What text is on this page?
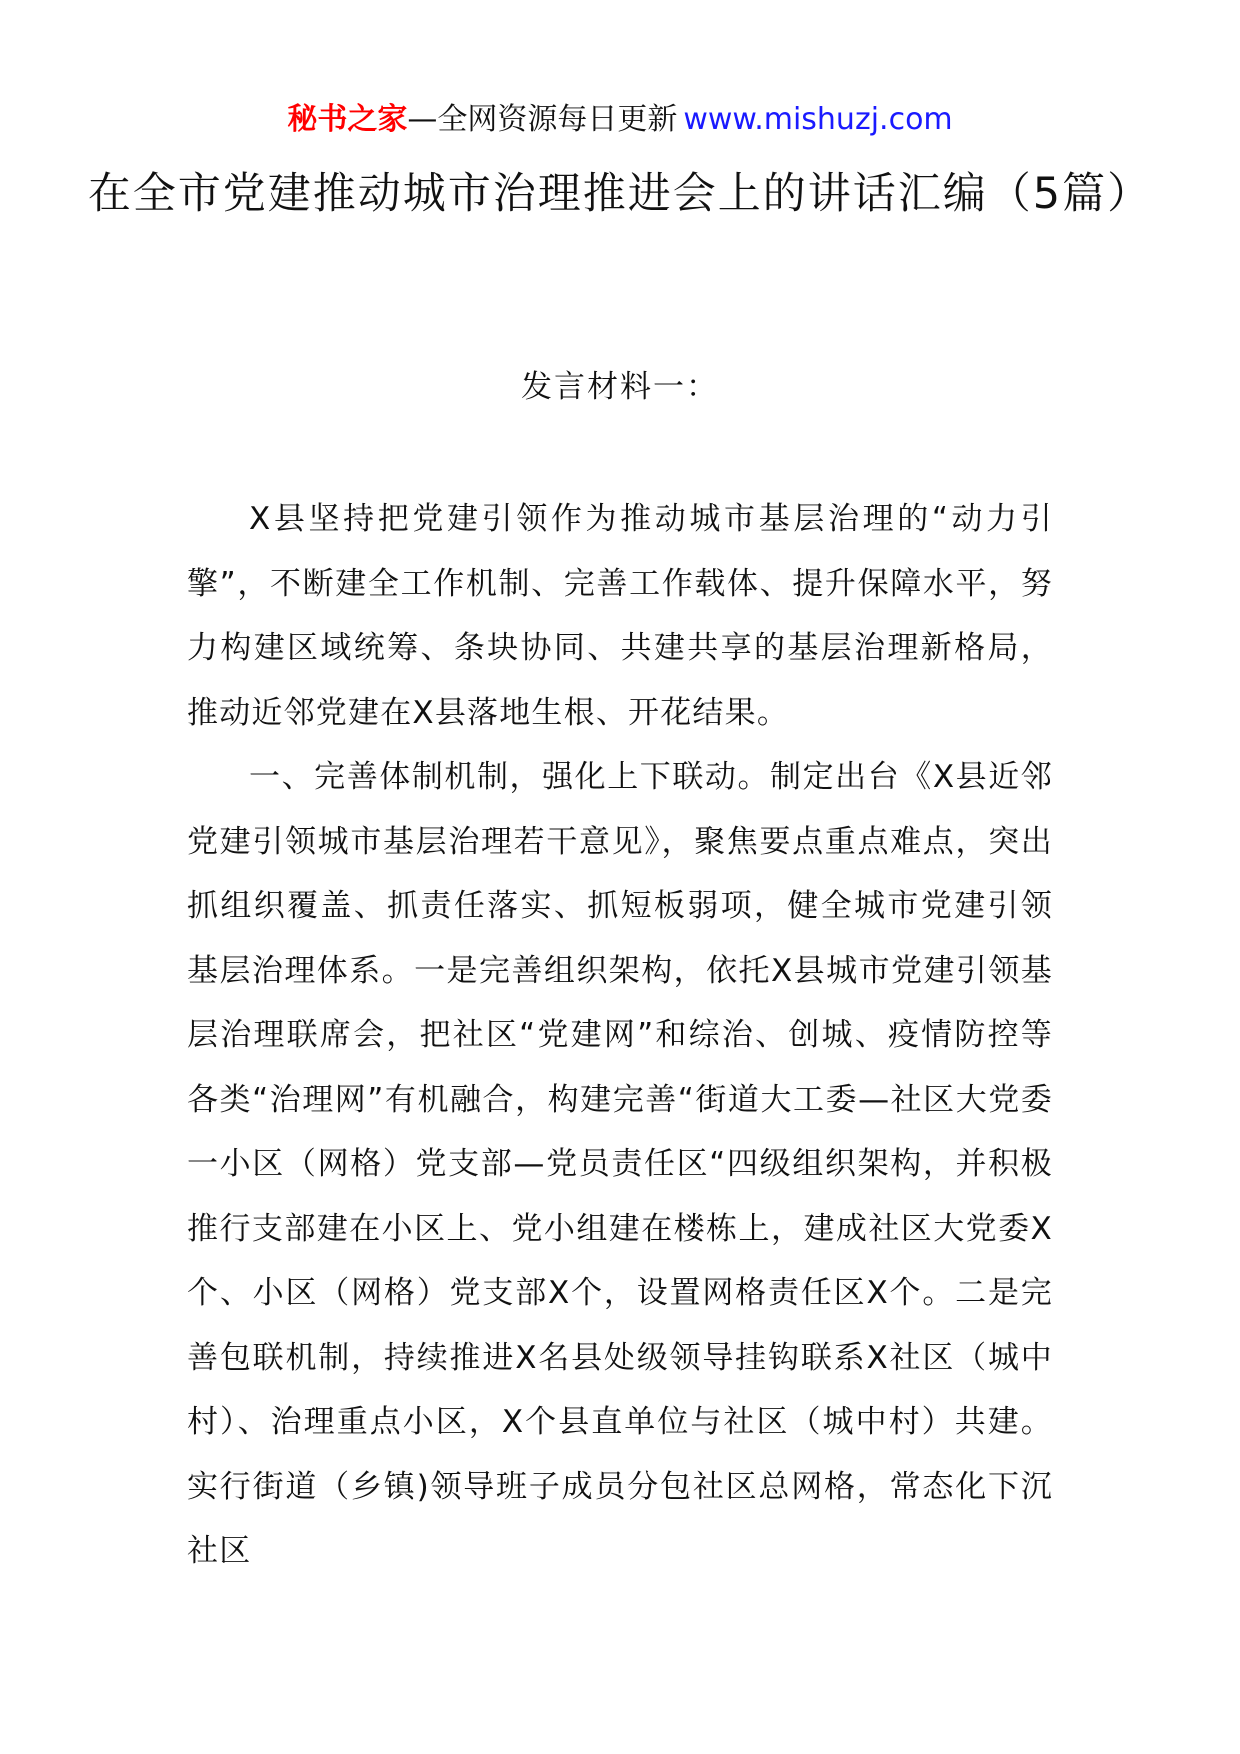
秘书之家—全网资源每日更新 www.mishuzj.com
在全市党建推动城市治理推进会上的讲话汇编（5篇）
发言材料一：

X县坚持把党建引领作为推动城市基层治理的“动力引擎”，不断建全工作机制、完善工作载体、提升保障水平，努力构建区域统筹、条块协同、共建共享的基层治理新格局，推动近邻党建在X县落地生根、开花结果。

一、完善体制机制，强化上下联动。制定出台《X县近邻党建引领城市基层治理若干意见》，聚焦要点重点难点，突出抓组织覆盖、抓责任落实、抓短板弱项，健全城市党建引领基层治理体系。一是完善组织架构，依托X县城市党建引领基层治理联席会，把社区“党建网”和综治、创城、疫情防控等各类“治理网”有机融合，构建完善“街道大工委—社区大党委一小区（网格）党支部—党员责任区“四级组织架构，并积极推行支部建在小区上、党小组建在楼栋上，建成社区大党委X个、小区（网格）党支部X个，设置网格责任区X个。二是完善包联机制，持续推进X名县处级领导挂钩联系X社区（城中村）、治理重点小区，X个县直单位与社区（城中村）共建。实行街道（乡镇)领导班子成员分包社区总网格，常态化下沉社区
